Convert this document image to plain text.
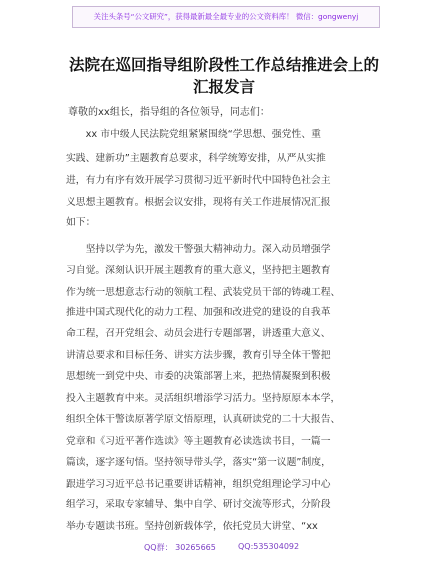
关注头条号“公文研究”，获得最新最全最专业的公文资料库！ 微信：gongwenyj
法院在巡回指导组阶段性工作总结推进会上的
汇报发言
尊敬的xx组长，指导组的各位领导，同志们：
　　xx 市中级人民法院党组紧紧围绕“学思想、强党性、重
实践、建新功”主题教育总要求，科学统筹安排，从严从实推
进，有力有序有效开展学习贯彻习近平新时代中国特色社会主
义思想主题教育。根据会议安排，现将有关工作进展情况汇报
如下：
　　坚持以学为先，激发干警强大精神动力。深入动员增强学
习自觉。深刻认识开展主题教育的重大意义，坚持把主题教育
作为统一思想意志行动的领航工程、武装党员干部的铸魂工程、
推进中国式现代化的动力工程、加强和改进党的建设的自我革
命工程，召开党组会、动员会进行专题部署，讲透重大意义、
讲清总要求和目标任务、讲实方法步骤，教育引导全体干警把
思想统一到党中央、市委的决策部署上来，把热情凝聚到积极
投入主题教育中来。灵活组织增添学习活力。坚持原原本本学，
组织全体干警读原著学原文悟原理，认真研读党的二十大报告、
党章和《习近平著作选读》等主题教育必读选读书目，一篇一
篇读，逐字逐句悟。坚持领导带头学，落实“第一议题”制度，
跟进学习习近平总书记重要讲话精神，组织党组理论学习中心
组学习，采取专家辅导、集中自学、研讨交流等形式，分阶段
举办专题读书班。坚持创新载体学，依托党员大讲堂、“xx
QQ群： 30265665	QQ:535304092
